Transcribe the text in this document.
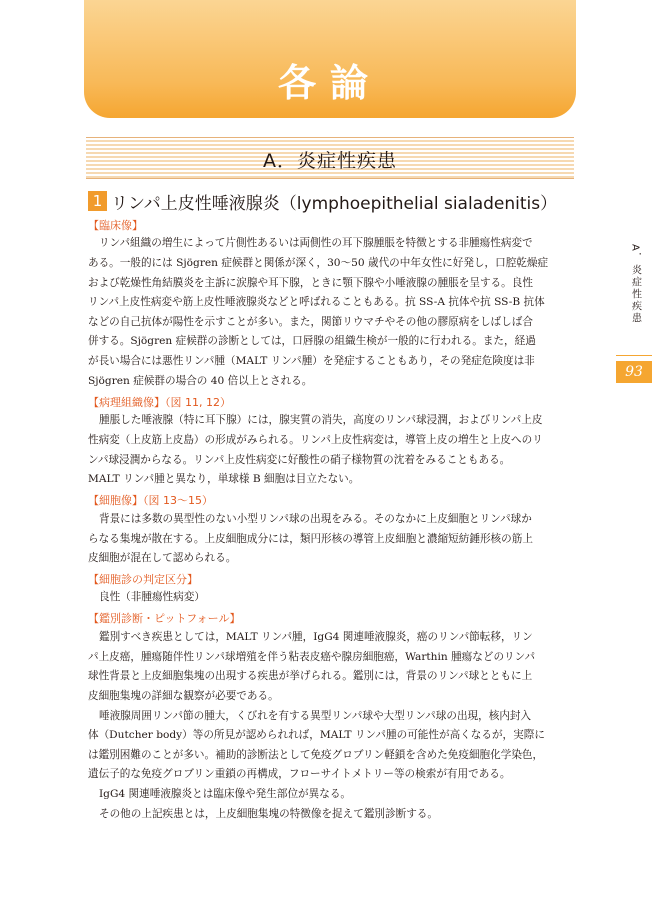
各論
A．炎症性疾患
1 リンパ上皮性唾液腺炎（lymphoepithelial sialadenitis）
【臨床像】
リンパ組織の増生によって片側性あるいは両側性の耳下腺腫脹を特徴とする非腫瘍性病変で
ある。一般的には Sjögren 症候群と関係が深く，30〜50 歳代の中年女性に好発し，口腔乾燥症
および乾燥性角結膜炎を主訴に涙腺や耳下腺，ときに顎下腺や小唾液腺の腫脹を呈する。良性
リンパ上皮性病変や筋上皮性唾液腺炎などと呼ばれることもある。抗 SS-A 抗体や抗 SS-B 抗体
などの自己抗体が陽性を示すことが多い。また，関節リウマチやその他の膠原病をしばしば合
併する。Sjögren 症候群の診断としては，口唇腺の組織生検が一般的に行われる。また，経過
が長い場合には悪性リンパ腫（MALT リンパ腫）を発症することもあり，その発症危険度は非
Sjögren 症候群の場合の 40 倍以上とされる。
【病理組織像】（図 11, 12）
腫脹した唾液腺（特に耳下腺）には，腺実質の消失，高度のリンパ球浸潤，およびリンパ上皮
性病変（上皮筋上皮島）の形成がみられる。リンパ上皮性病変は，導管上皮の増生と上皮へのリ
ンパ球浸潤からなる。リンパ上皮性病変に好酸性の硝子様物質の沈着をみることもある。
MALT リンパ腫と異なり，単球様 B 細胞は目立たない。
【細胞像】（図 13〜15）
背景には多数の異型性のない小型リンパ球の出現をみる。そのなかに上皮細胞とリンパ球か
らなる集塊が散在する。上皮細胞成分には，類円形核の導管上皮細胞と濃縮短紡錘形核の筋上
皮細胞が混在して認められる。
【細胞診の判定区分】
良性（非腫瘍性病変）
【鑑別診断・ピットフォール】
鑑別すべき疾患としては，MALT リンパ腫，IgG4 関連唾液腺炎，癌のリンパ節転移，リン
パ上皮癌，腫瘍随伴性リンパ球増殖を伴う粘表皮癌や腺房細胞癌，Warthin 腫瘍などのリンパ
球性背景と上皮細胞集塊の出現する疾患が挙げられる。鑑別には，背景のリンパ球とともに上
皮細胞集塊の詳細な観察が必要である。
唾液腺周囲リンパ節の腫大，くびれを有する異型リンパ球や大型リンパ球の出現，核内封入
体（Dutcher body）等の所見が認められれば，MALT リンパ腫の可能性が高くなるが，実際に
は鑑別困難のことが多い。補助的診断法として免疫グロブリン軽鎖を含めた免疫細胞化学染色，
遺伝子的な免疫グロブリン重鎖の再構成，フローサイトメトリー等の検索が有用である。
IgG4 関連唾液腺炎とは臨床像や発生部位が異なる。
その他の上記疾患とは，上皮細胞集塊の特徴像を捉えて鑑別診断する。
A．炎症性疾患
93
